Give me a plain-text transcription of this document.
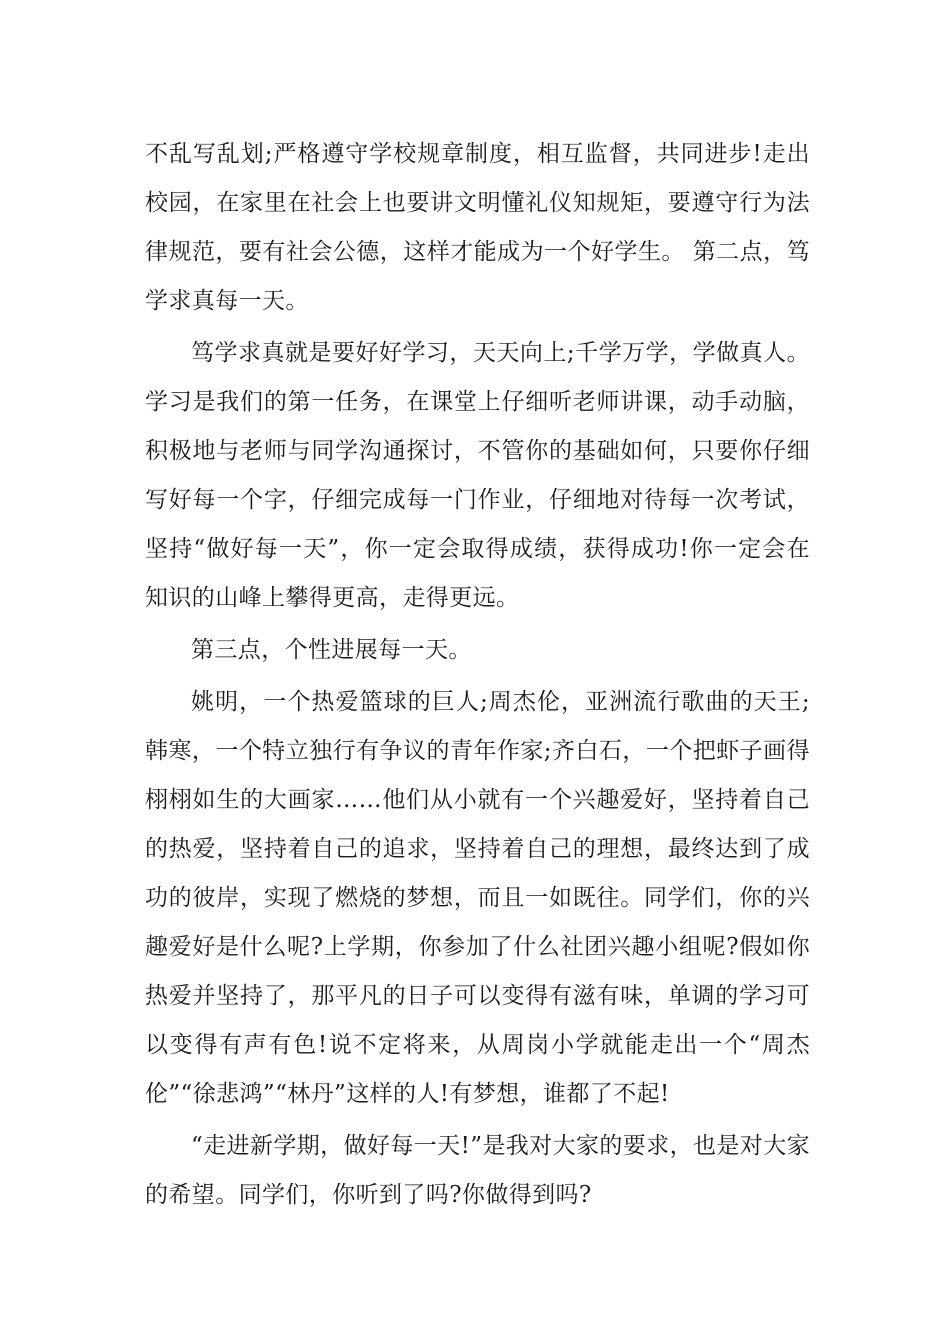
不乱写乱划;严格遵守学校规章制度，相互监督，共同进步!走出校园，在家里在社会上也要讲文明懂礼仪知规矩，要遵守行为法律规范，要有社会公德，这样才能成为一个好学生。 第二点，笃学求真每一天。

笃学求真就是要好好学习，天天向上;千学万学，学做真人。学习是我们的第一任务，在课堂上仔细听老师讲课，动手动脑，积极地与老师与同学沟通探讨，不管你的基础如何，只要你仔细写好每一个字，仔细完成每一门作业，仔细地对待每一次考试，坚持“做好每一天”，你一定会取得成绩，获得成功!你一定会在知识的山峰上攀得更高，走得更远。

第三点，个性进展每一天。

姚明，一个热爱篮球的巨人;周杰伦，亚洲流行歌曲的天王;韩寒，一个特立独行有争议的青年作家;齐白石，一个把虾子画得栩栩如生的大画家……他们从小就有一个兴趣爱好，坚持着自己的热爱，坚持着自己的追求，坚持着自己的理想，最终达到了成功的彼岸，实现了燃烧的梦想，而且一如既往。同学们，你的兴趣爱好是什么呢?上学期，你参加了什么社团兴趣小组呢?假如你热爱并坚持了，那平凡的日子可以变得有滋有味，单调的学习可以变得有声有色!说不定将来，从周岗小学就能走出一个“周杰伦”“徐悲鸿”“林丹”这样的人!有梦想，谁都了不起!

“走进新学期，做好每一天!”是我对大家的要求，也是对大家的希望。同学们，你听到了吗?你做得到吗?
